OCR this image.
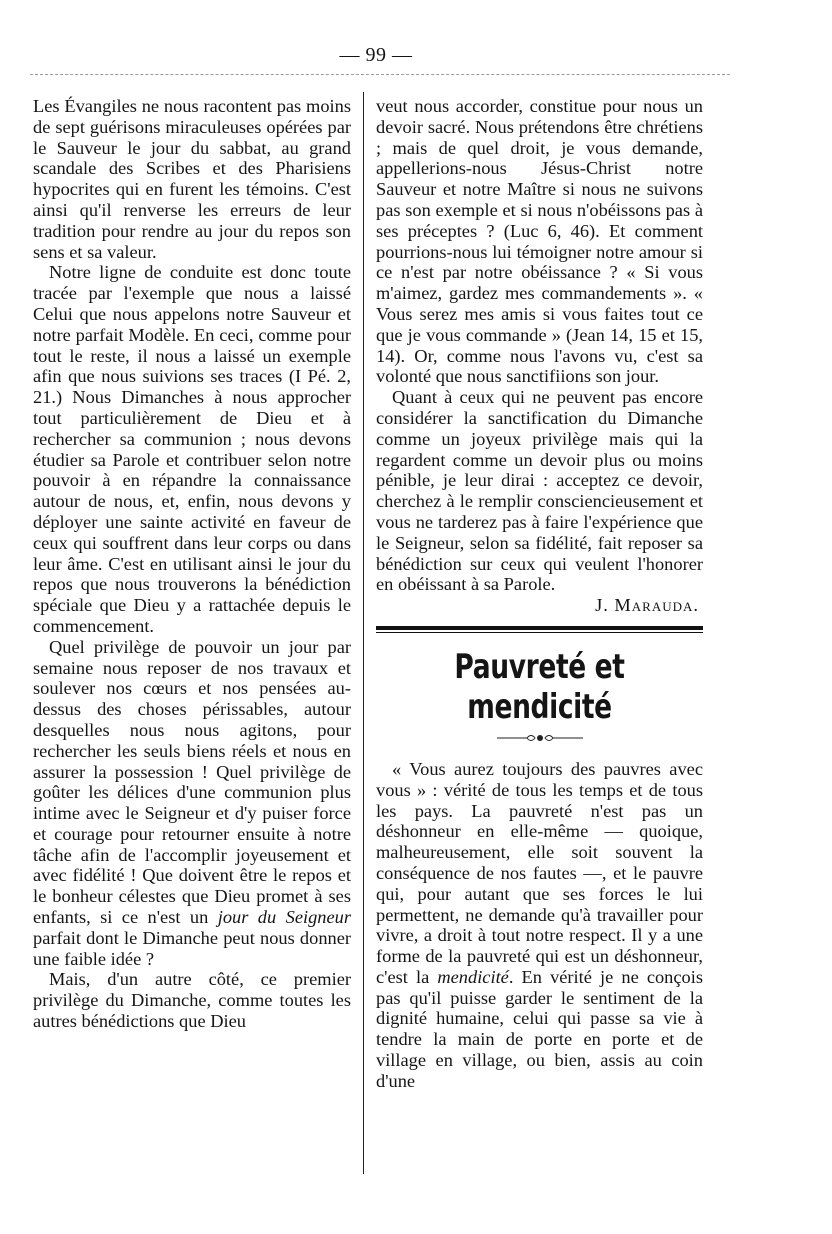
— 99 —

Les Évangiles ne nous racontent pas moins de sept guérisons miraculeuses opérées par le Sauveur le jour du sabbat, au grand scandale des Scribes et des Pharisiens hypocrites qui en furent les témoins. C'est ainsi qu'il renverse les erreurs de leur tradition pour rendre au jour du repos son sens et sa valeur.

Notre ligne de conduite est donc toute tracée par l'exemple que nous a laissé Celui que nous appelons notre Sauveur et notre parfait Modèle. En ceci, comme pour tout le reste, il nous a laissé un exemple afin que nous suivions ses traces (I Pé. 2, 21.) Nous Dimanches à nous approcher tout particulièrement de Dieu et à rechercher sa communion ; nous devons étudier sa Parole et contribuer selon notre pouvoir à en répandre la connaissance autour de nous, et, enfin, nous devons y déployer une sainte activité en faveur de ceux qui souffrent dans leur corps ou dans leur âme. C'est en utilisant ainsi le jour du repos que nous trouverons la bénédiction spéciale que Dieu y a rattachée depuis le commencement.

Quel privilège de pouvoir un jour par semaine nous reposer de nos travaux et soulever nos cœurs et nos pensées au-dessus des choses périssables, autour desquelles nous nous agitons, pour rechercher les seuls biens réels et nous en assurer la possession ! Quel privilège de goûter les délices d'une communion plus intime avec le Seigneur et d'y puiser force et courage pour retourner ensuite à notre tâche afin de l'accomplir joyeusement et avec fidélité ! Que doivent être le repos et le bonheur célestes que Dieu promet à ses enfants, si ce n'est un jour du Seigneur parfait dont le Dimanche peut nous donner une faible idée ?

Mais, d'un autre côté, ce premier privilège du Dimanche, comme toutes les autres bénédictions que Dieu

veut nous accorder, constitue pour nous un devoir sacré. Nous prétendons être chrétiens ; mais de quel droit, je vous demande, appellerions-nous Jésus-Christ notre Sauveur et notre Maître si nous ne suivons pas son exemple et si nous n'obéissons pas à ses préceptes ? (Luc 6, 46). Et comment pourrions-nous lui témoigner notre amour si ce n'est par notre obéissance ? « Si vous m'aimez, gardez mes commandements ». « Vous serez mes amis si vous faites tout ce que je vous commande » (Jean 14, 15 et 15, 14). Or, comme nous l'avons vu, c'est sa volonté que nous sanctifiions son jour.

Quant à ceux qui ne peuvent pas encore considérer la sanctification du Dimanche comme un joyeux privilège mais qui la regardent comme un devoir plus ou moins pénible, je leur dirai : acceptez ce devoir, cherchez à le remplir consciencieusement et vous ne tarderez pas à faire l'expérience que le Seigneur, selon sa fidélité, fait reposer sa bénédiction sur ceux qui veulent l'honorer en obéissant à sa Parole.

J. Marauda.

Pauvreté et mendicité

« Vous aurez toujours des pauvres avec vous » : vérité de tous les temps et de tous les pays. La pauvreté n'est pas un déshonneur en elle-même — quoique, malheureusement, elle soit souvent la conséquence de nos fautes —, et le pauvre qui, pour autant que ses forces le lui permettent, ne demande qu'à travailler pour vivre, a droit à tout notre respect. Il y a une forme de la pauvreté qui est un déshonneur, c'est la mendicité. En vérité je ne conçois pas qu'il puisse garder le sentiment de la dignité humaine, celui qui passe sa vie à tendre la main de porte en porte et de village en village, ou bien, assis au coin d'une
